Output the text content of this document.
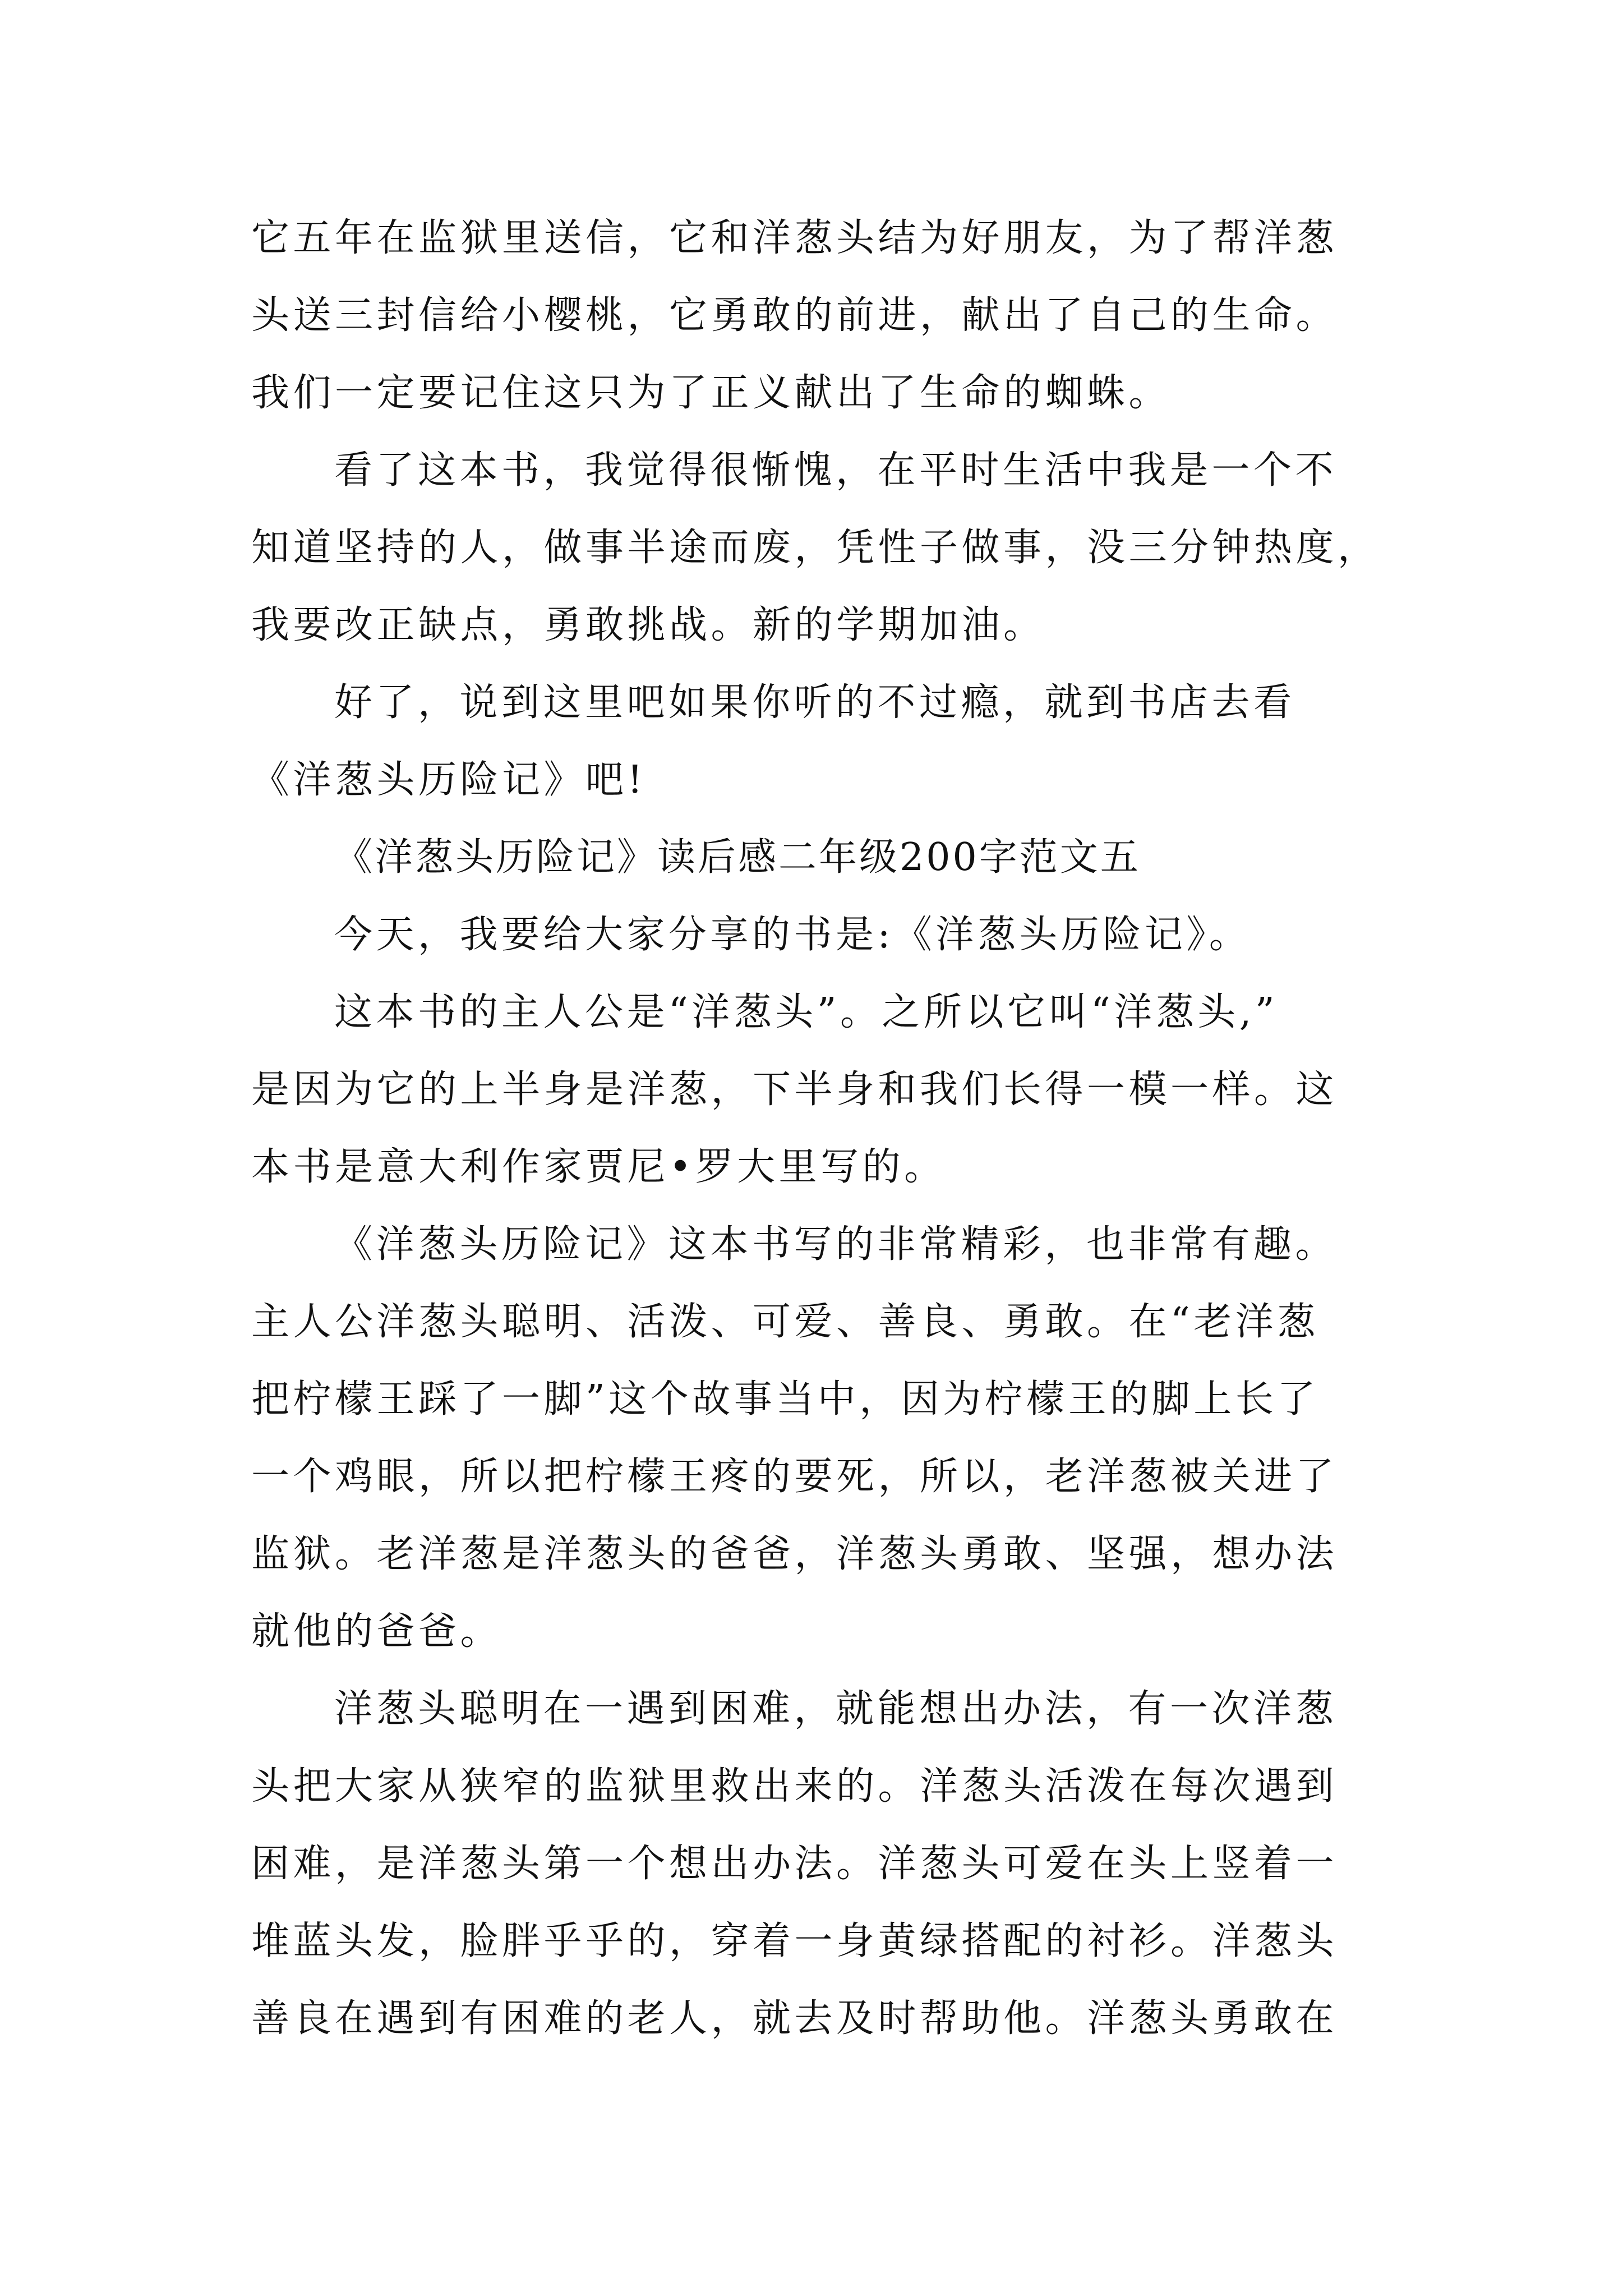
它五年在监狱里送信，它和洋葱头结为好朋友，为了帮洋葱
头送三封信给小樱桃，它勇敢的前进，献出了自己的生命。
我们一定要记住这只为了正义献出了生命的蜘蛛。
看了这本书，我觉得很惭愧，在平时生活中我是一个不
知道坚持的人，做事半途而废，凭性子做事，没三分钟热度，
我要改正缺点，勇敢挑战。新的学期加油。
好了，说到这里吧如果你听的不过瘾，就到书店去看
《洋葱头历险记》吧!
《洋葱头历险记》读后感二年级200字范文五
今天，我要给大家分享的书是:《洋葱头历险记》。
这本书的主人公是“洋葱头”。之所以它叫“洋葱头,”
是因为它的上半身是洋葱，下半身和我们长得一模一样。这
本书是意大利作家贾尼•罗大里写的。
《洋葱头历险记》这本书写的非常精彩，也非常有趣。
主人公洋葱头聪明、活泼、可爱、善良、勇敢。在“老洋葱
把柠檬王踩了一脚”这个故事当中，因为柠檬王的脚上长了
一个鸡眼，所以把柠檬王疼的要死，所以，老洋葱被关进了
监狱。老洋葱是洋葱头的爸爸，洋葱头勇敢、坚强，想办法
就他的爸爸。
洋葱头聪明在一遇到困难，就能想出办法，有一次洋葱
头把大家从狭窄的监狱里救出来的。洋葱头活泼在每次遇到
困难，是洋葱头第一个想出办法。洋葱头可爱在头上竖着一
堆蓝头发，脸胖乎乎的，穿着一身黄绿搭配的衬衫。洋葱头
善良在遇到有困难的老人，就去及时帮助他。洋葱头勇敢在
